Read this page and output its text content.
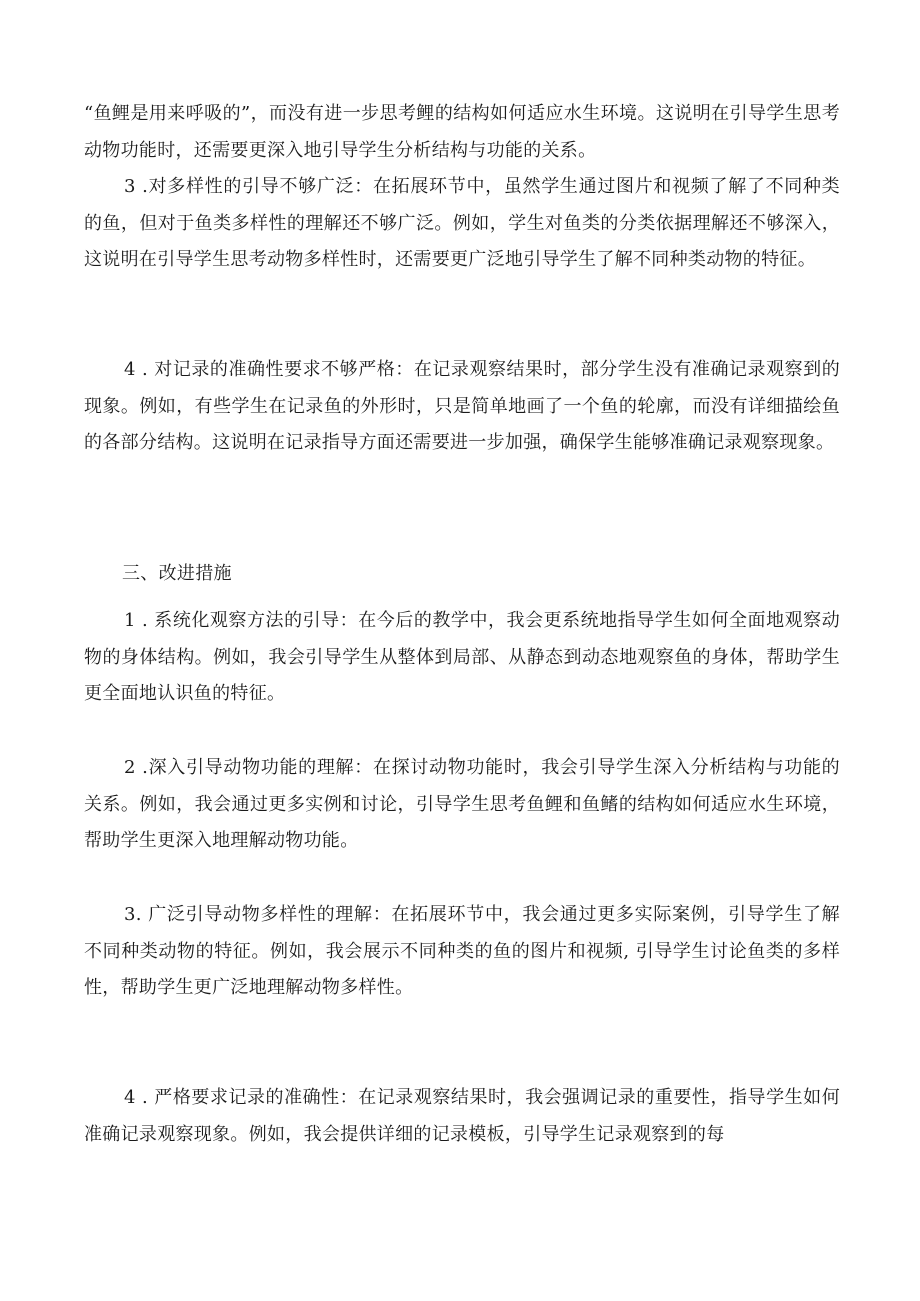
“鱼鲤是用来呼吸的”，而没有进一步思考鲤的结构如何适应水生环境。这说明在引导学生思考动物功能时，还需要更深入地引导学生分析结构与功能的关系。

3 .对多样性的引导不够广泛：在拓展环节中，虽然学生通过图片和视频了解了不同种类的鱼，但对于鱼类多样性的理解还不够广泛。例如，学生对鱼类的分类依据理解还不够深入，这说明在引导学生思考动物多样性时，还需要更广泛地引导学生了解不同种类动物的特征。

4 . 对记录的准确性要求不够严格：在记录观察结果时，部分学生没有准确记录观察到的现象。例如，有些学生在记录鱼的外形时，只是简单地画了一个鱼的轮廓，而没有详细描绘鱼的各部分结构。这说明在记录指导方面还需要进一步加强，确保学生能够准确记录观察现象。

三、改进措施

1 . 系统化观察方法的引导：在今后的教学中，我会更系统地指导学生如何全面地观察动物的身体结构。例如，我会引导学生从整体到局部、从静态到动态地观察鱼的身体，帮助学生更全面地认识鱼的特征。

2 .深入引导动物功能的理解：在探讨动物功能时，我会引导学生深入分析结构与功能的关系。例如，我会通过更多实例和讨论，引导学生思考鱼鲤和鱼鳍的结构如何适应水生环境，帮助学生更深入地理解动物功能。

3. 广泛引导动物多样性的理解：在拓展环节中，我会通过更多实际案例，引导学生了解不同种类动物的特征。例如，我会展示不同种类的鱼的图片和视频, 引导学生讨论鱼类的多样性，帮助学生更广泛地理解动物多样性。

4 . 严格要求记录的准确性：在记录观察结果时，我会强调记录的重要性，指导学生如何准确记录观察现象。例如，我会提供详细的记录模板，引导学生记录观察到的每
